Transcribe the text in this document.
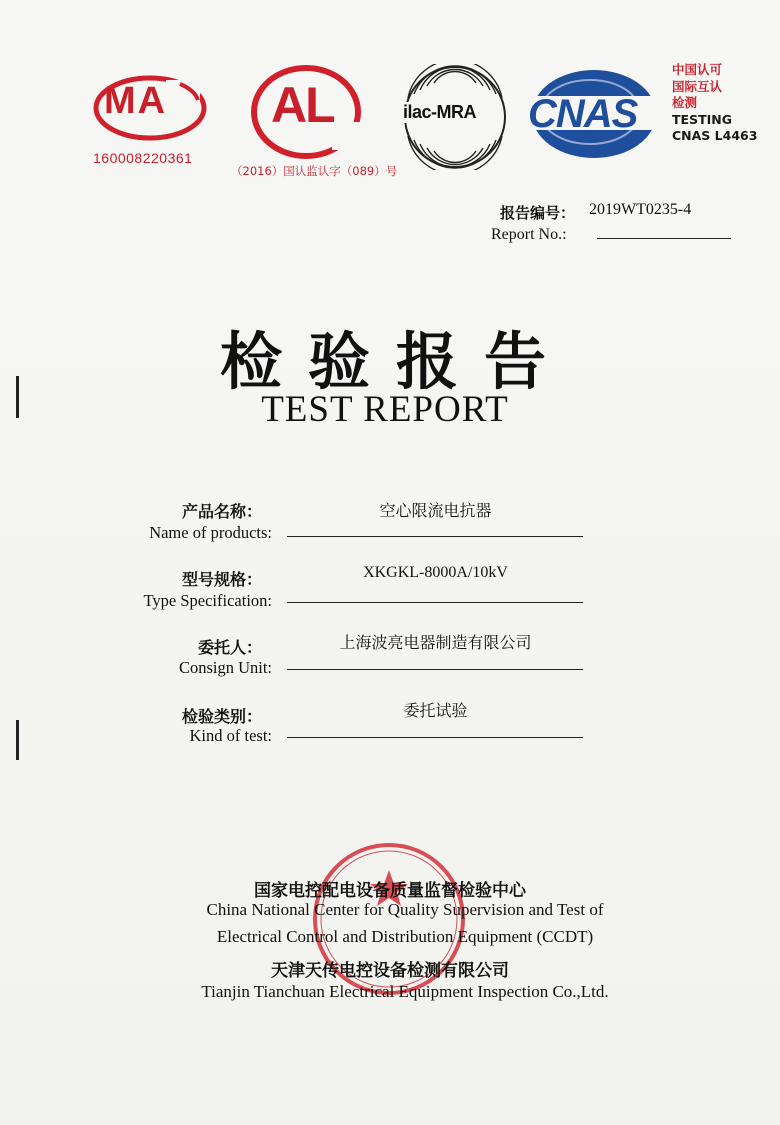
MA
160008220361
AL
（2016）国认监认字（089）号
ilac-MRA CNAS
中国认可
国际互认
检测
TESTING
CNAS L4463
报告编号： 2019WT0235-4
Report No.:
检验报告
TEST REPORT
产品名称：
Name of products:
空心限流电抗器
型号规格：
Type Specification:
XKGKL-8000A/10kV
委托人：
Consign Unit:
上海波亮电器制造有限公司
检验类别：
Kind of test:
委托试验
国家电控配电设备质量监督检验中心
China National Center for Quality Supervision and Test of
Electrical Control and Distribution Equipment (CCDT)
天津天传电控设备检测有限公司
Tianjin Tianchuan Electrical Equipment Inspection Co.,Ltd.
